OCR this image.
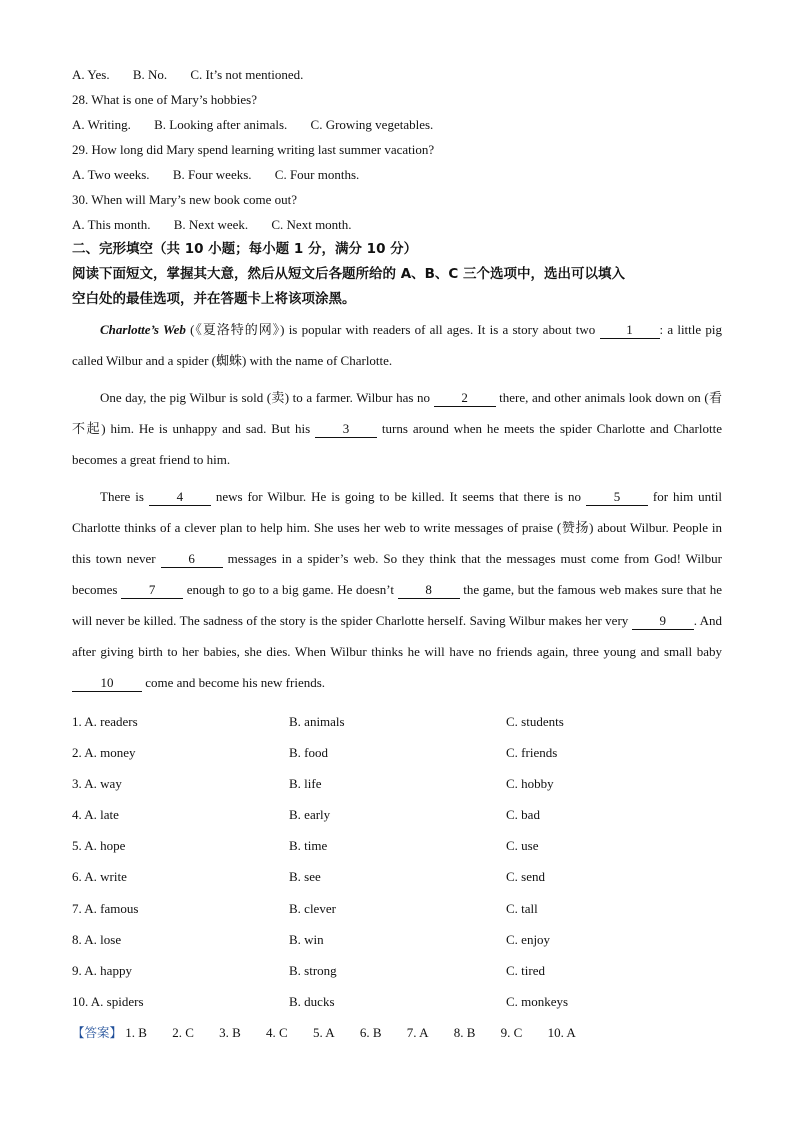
A. Yes. B. No. C. It’s not mentioned.
28. What is one of Mary’s hobbies?
A. Writing. B. Looking after animals. C. Growing vegetables.
29. How long did Mary spend learning writing last summer vacation?
A. Two weeks. B. Four weeks. C. Four months.
30. When will Mary’s new book come out?
A. This month. B. Next week. C. Next month.
二、完形填空（共 10 小题；每小题 1 分，满分 10 分）
阅读下面短文，掌握其大意，然后从短文后各题所给的 A、B、C 三个选项中，选出可以填入
空白处的最佳选项，并在答题卡上将该项涂黑。

Charlotte’s Web (《夏洛特的网》) is popular with readers of all ages. It is a story about two 1 : a little pig called Wilbur and a spider (蜘蛛) with the name of Charlotte.

One day, the pig Wilbur is sold (卖) to a farmer. Wilbur has no 2 there, and other animals look down on (看不起) him. He is unhappy and sad. But his 3 turns around when he meets the spider Charlotte and Charlotte becomes a great friend to him.

There is 4 news for Wilbur. He is going to be killed. It seems that there is no 5 for him until Charlotte thinks of a clever plan to help him. She uses her web to write messages of praise (赞扬) about Wilbur. People in this town never 6 messages in a spider’s web. So they think that the messages must come from God! Wilbur becomes 7 enough to go to a big game. He doesn’t 8 the game, but the famous web makes sure that he will never be killed. The sadness of the story is the spider Charlotte herself. Saving Wilbur makes her very 9 . And after giving birth to her babies, she dies. When Wilbur thinks he will have no friends again, three young and small baby 10 come and become his new friends.

1. A. readers	B. animals	C. students
2. A. money	B. food	C. friends
3. A. way	B. life	C. hobby
4. A. late	B. early	C. bad
5. A. hope	B. time	C. use
6. A. write	B. see	C. send
7. A. famous	B. clever	C. tall
8. A. lose	B. win	C. enjoy
9. A. happy	B. strong	C. tired
10. A. spiders	B. ducks	C. monkeys
【答案】 1. B 2. C 3. B 4. C 5. A 6. B 7. A 8. B 9. C 10. A
